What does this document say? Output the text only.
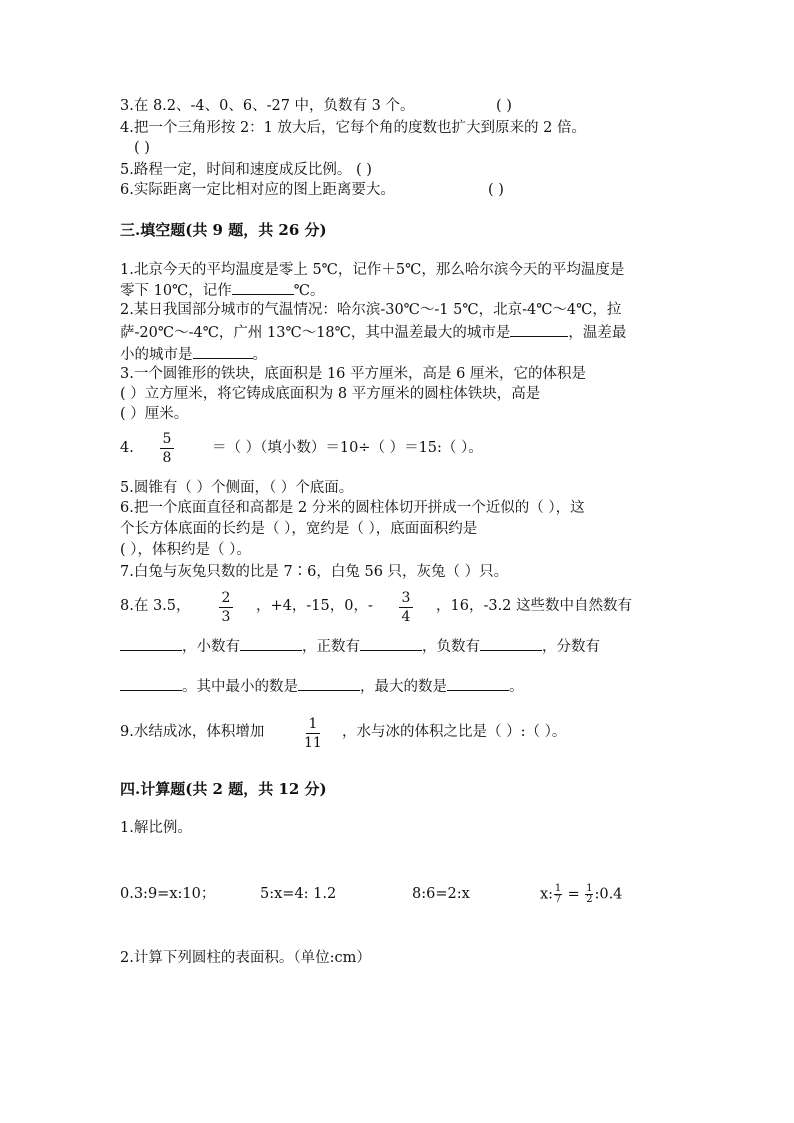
3.在 8.2、-4、0、6、-27 中，负数有 3 个。	( )
4.把一个三角形按 2：1 放大后，它每个角的度数也扩大到原来的 2 倍。
( )
5.路程一定，时间和速度成反比例。 ( )
6.实际距离一定比相对应的图上距离要大。	( )
三.填空题(共 9 题，共 26 分)
1.北京今天的平均温度是零上 5℃，记作＋5℃，那么哈尔滨今天的平均温度是
零下 10℃，记作	℃。
2.某日我国部分城市的气温情况：哈尔滨-30℃～-1 5℃，北京-4℃～4℃，拉
萨-20℃～-4℃，广州 13℃～18℃，其中温差最大的城市是	，温差最
小的城市是	。
3.一个圆锥形的铁块，底面积是 16 平方厘米，高是 6 厘米，它的体积是
( ）立方厘米，将它铸成底面积为 8 平方厘米的圆柱体铁块，高是
( ）厘米。
4.
5
8
＝（ ）（填小数）＝10÷（ ）＝15:（ ）。
5.圆锥有（ ）个侧面，（ ）个底面。
6.把一个底面直径和高都是 2 分米的圆柱体切开拼成一个近似的（ ），这
个长方体底面的长约是（ ），宽约是（ ），底面面积约是
( ），体积约是（ ）。
7.白兔与灰兔只数的比是 7∶6，白兔 56 只，灰兔（ ）只。
8.在 3.5， 2
3
，+4，-15，0，- 3
4
，16，-3.2 这些数中自然数有
，小数有	，正数有	，负数有	，分数有
。其中最小的数是	，最大的数是	。
9.水结成冰，体积增加	1
11
，水与冰的体积之比是（ ）:（ ）。
四.计算题(共 2 题，共 12 分)
1.解比例。
0.3:9=x:10；	5:x=4: 1.2	8:6=2:x	x: $\frac{1}{7} = \frac{1}{2}$ :0.4
2.计算下列圆柱的表面积。（单位:cm）
